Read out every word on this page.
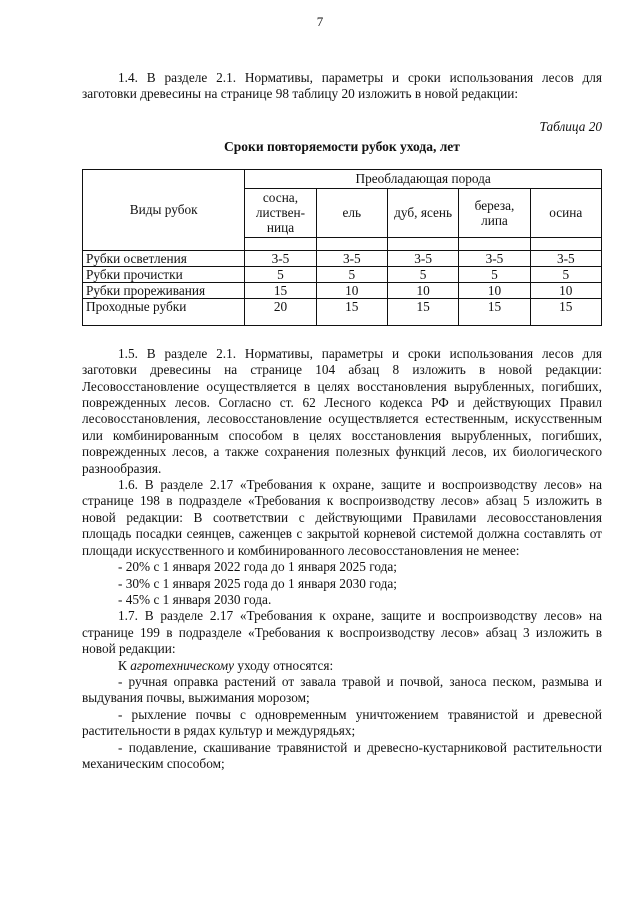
7

1.4. В разделе 2.1. Нормативы, параметры и сроки использования лесов для заготовки древесины на странице 98 таблицу 20 изложить в новой редакции:

Таблица 20
Сроки повторяемости рубок ухода, лет
Виды рубок	Преобладающая порода				
	сосна, листвен-ница	ель	дуб, ясень	береза, липа	осина

Рубки осветления	3-5	3-5	3-5	3-5	3-5
Рубки прочистки	5	5	5	5	5
Рубки прореживания	15	10	10	10	10
Проходные рубки	20	15	15	15	15

1.5. В разделе 2.1. Нормативы, параметры и сроки использования лесов для заготовки древесины на странице 104 абзац 8 изложить в новой редакции: Лесовосстановление осуществляется в целях восстановления вырубленных, погибших, поврежденных лесов. Согласно ст. 62 Лесного кодекса РФ и действующих Правил лесовосстановления, лесовосстановление осуществляется естественным, искусственным или комбинированным способом в целях восстановления вырубленных, погибших, поврежденных лесов, а также сохранения полезных функций лесов, их биологического разнообразия.

1.6. В разделе 2.17 «Требования к охране, защите и воспроизводству лесов» на странице 198 в подразделе «Требования к воспроизводству лесов» абзац 5 изложить в новой редакции: В соответствии с действующими Правилами лесовосстановления площадь посадки сеянцев, саженцев с закрытой корневой системой должна составлять от площади искусственного и комбинированного лесовосстановления не менее:

- 20% с 1 января 2022 года до 1 января 2025 года;

- 30% с 1 января 2025 года до 1 января 2030 года;

- 45% с 1 января 2030 года.

1.7. В разделе 2.17 «Требования к охране, защите и воспроизводству лесов» на странице 199 в подразделе «Требования к воспроизводству лесов» абзац 3 изложить в новой редакции:

К агротехническому уходу относятся:

- ручная оправка растений от завала травой и почвой, заноса песком, размыва и выдувания почвы, выжимания морозом;

- рыхление почвы с одновременным уничтожением травянистой и древесной растительности в рядах культур и междурядьях;

- подавление, скашивание травянистой и древесно-кустарниковой растительности механическим способом;
